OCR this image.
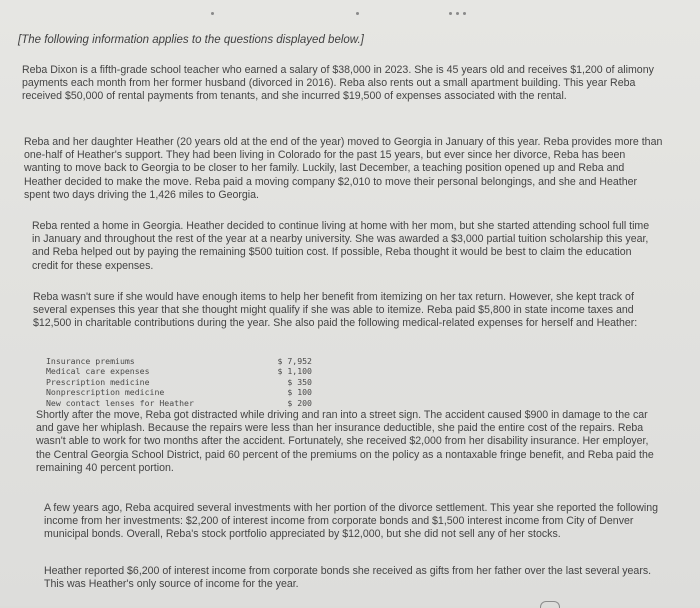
[The following information applies to the questions displayed below.]

Reba Dixon is a fifth-grade school teacher who earned a salary of $38,000 in 2023. She is 45 years old and receives $1,200 of alimony payments each month from her former husband (divorced in 2016). Reba also rents out a small apartment building. This year Reba received $50,000 of rental payments from tenants, and she incurred $19,500 of expenses associated with the rental.

Reba and her daughter Heather (20 years old at the end of the year) moved to Georgia in January of this year. Reba provides more than one-half of Heather's support. They had been living in Colorado for the past 15 years, but ever since her divorce, Reba has been wanting to move back to Georgia to be closer to her family. Luckily, last December, a teaching position opened up and Reba and Heather decided to make the move. Reba paid a moving company $2,010 to move their personal belongings, and she and Heather spent two days driving the 1,426 miles to Georgia.

Reba rented a home in Georgia. Heather decided to continue living at home with her mom, but she started attending school full time in January and throughout the rest of the year at a nearby university. She was awarded a $3,000 partial tuition scholarship this year, and Reba helped out by paying the remaining $500 tuition cost. If possible, Reba thought it would be best to claim the education credit for these expenses.

Reba wasn't sure if she would have enough items to help her benefit from itemizing on her tax return. However, she kept track of several expenses this year that she thought might qualify if she was able to itemize. Reba paid $5,800 in state income taxes and $12,500 in charitable contributions during the year. She also paid the following medical-related expenses for herself and Heather:

Insurance premiums	$ 7,952
Medical care expenses	$ 1,100
Prescription medicine	$ 350
Nonprescription medicine	$ 100
New contact lenses for Heather	$ 200

Shortly after the move, Reba got distracted while driving and ran into a street sign. The accident caused $900 in damage to the car and gave her whiplash. Because the repairs were less than her insurance deductible, she paid the entire cost of the repairs. Reba wasn't able to work for two months after the accident. Fortunately, she received $2,000 from her disability insurance. Her employer, the Central Georgia School District, paid 60 percent of the premiums on the policy as a nontaxable fringe benefit, and Reba paid the remaining 40 percent portion.

A few years ago, Reba acquired several investments with her portion of the divorce settlement. This year she reported the following income from her investments: $2,200 of interest income from corporate bonds and $1,500 interest income from City of Denver municipal bonds. Overall, Reba's stock portfolio appreciated by $12,000, but she did not sell any of her stocks.

Heather reported $6,200 of interest income from corporate bonds she received as gifts from her father over the last several years. This was Heather's only source of income for the year.
